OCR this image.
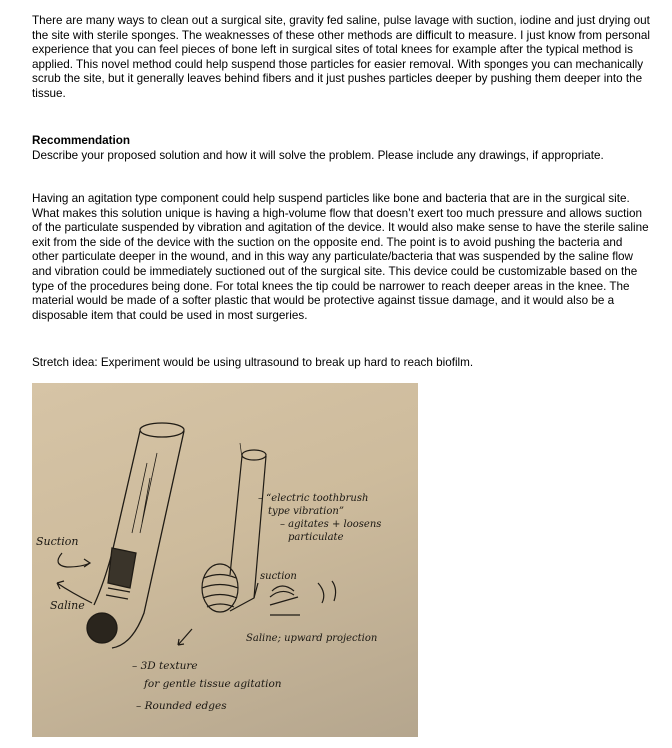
There are many ways to clean out a surgical site, gravity fed saline, pulse lavage with suction, iodine and just drying out the site with sterile sponges. The weaknesses of these other methods are difficult to measure. I just know from personal experience that you can feel pieces of bone left in surgical sites of total knees for example after the typical method is applied. This novel method could help suspend those particles for easier removal. With sponges you can mechanically scrub the site, but it generally leaves behind fibers and it just pushes particles deeper by pushing them deeper into the tissue.

Recommendation

Describe your proposed solution and how it will solve the problem. Please include any drawings, if appropriate.

Having an agitation type component could help suspend particles like bone and bacteria that are in the surgical site. What makes this solution unique is having a high-volume flow that doesn’t exert too much pressure and allows suction of the particulate suspended by vibration and agitation of the device. It would also make sense to have the sterile saline exit from the side of the device with the suction on the opposite end. The point is to avoid pushing the bacteria and other particulate deeper in the wound, and in this way any particulate/bacteria that was suspended by the saline flow and vibration could be immediately suctioned out of the surgical site. This device could be customizable based on the type of the procedures being done. For total knees the tip could be narrower to reach deeper areas in the knee. The material would be made of a softer plastic that would be protective against tissue damage, and it would also be a disposable item that could be used in most surgeries.

Stretch idea: Experiment would be using ultrasound to break up hard to reach biofilm.

Suction
Saline
– “electric toothbrush
type vibration”
– agitates + loosens
particulate
suction
Saline; upward projection
– 3D texture
for gentle tissue agitation
– Rounded edges
